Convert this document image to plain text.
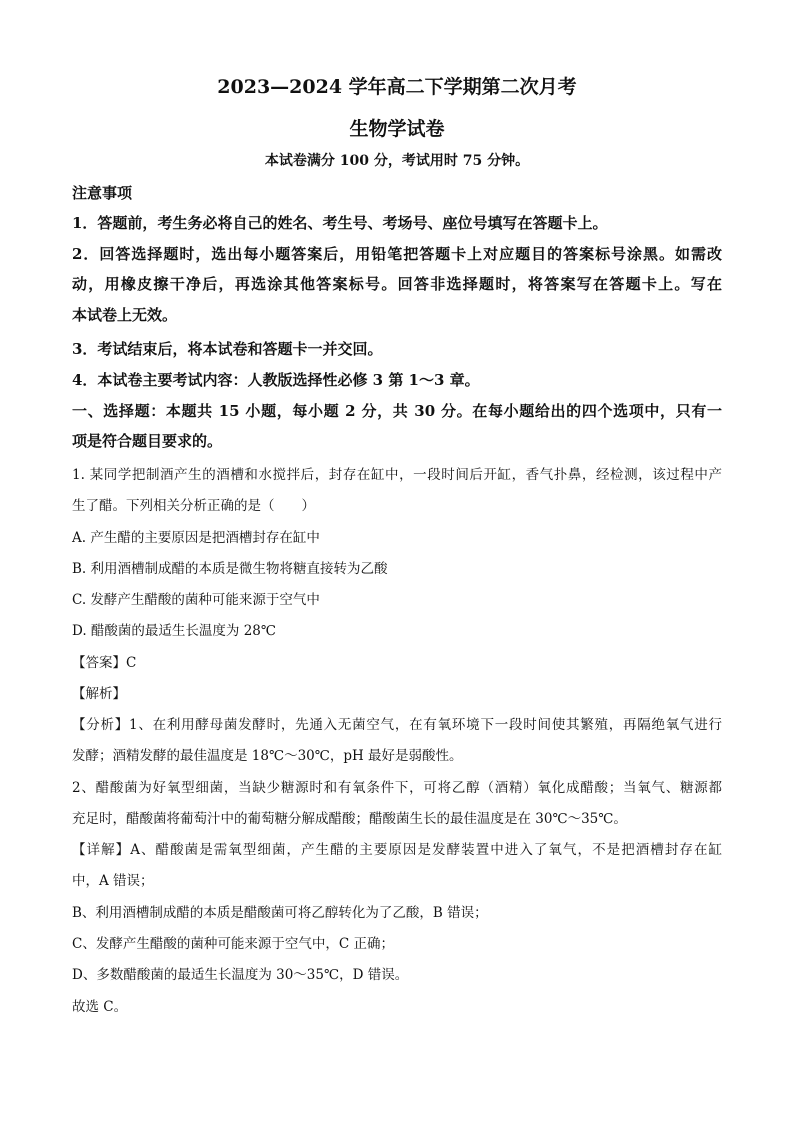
2023—2024 学年高二下学期第二次月考
生物学试卷
本试卷满分 100 分，考试用时 75 分钟。
注意事项
1．答题前，考生务必将自己的姓名、考生号、考场号、座位号填写在答题卡上。
2．回答选择题时，选出每小题答案后，用铅笔把答题卡上对应题目的答案标号涂黑。如需改
动，用橡皮擦干净后，再选涂其他答案标号。回答非选择题时，将答案写在答题卡上。写在
本试卷上无效。
3．考试结束后，将本试卷和答题卡一并交回。
4．本试卷主要考试内容：人教版选择性必修 3 第 1～3 章。
一、选择题：本题共 15 小题，每小题 2 分，共 30 分。在每小题给出的四个选项中，只有一
项是符合题目要求的。
1. 某同学把制酒产生的酒槽和水搅拌后，封存在缸中，一段时间后开缸，香气扑鼻，经检测，该过程中产
生了醋。下列相关分析正确的是（　　）
A. 产生醋的主要原因是把酒槽封存在缸中
B. 利用酒槽制成醋的本质是微生物将糖直接转为乙酸
C. 发酵产生醋酸的菌种可能来源于空气中
D. 醋酸菌的最适生长温度为 28℃
【答案】C
【解析】
【分析】1、在利用酵母菌发酵时，先通入无菌空气，在有氧环境下一段时间使其繁殖，再隔绝氧气进行
发酵；酒精发酵的最佳温度是 18℃～30℃，pH 最好是弱酸性。
2、醋酸菌为好氧型细菌，当缺少糖源时和有氧条件下，可将乙醇（酒精）氧化成醋酸；当氧气、糖源都
充足时，醋酸菌将葡萄汁中的葡萄糖分解成醋酸；醋酸菌生长的最佳温度是在 30℃～35℃。
【详解】A、醋酸菌是需氧型细菌，产生醋的主要原因是发酵装置中进入了氧气，不是把酒槽封存在缸
中，A 错误；
B、利用酒槽制成醋的本质是醋酸菌可将乙醇转化为了乙酸，B 错误；
C、发酵产生醋酸的菌种可能来源于空气中，C 正确；
D、多数醋酸菌的最适生长温度为 30～35℃，D 错误。
故选 C。
